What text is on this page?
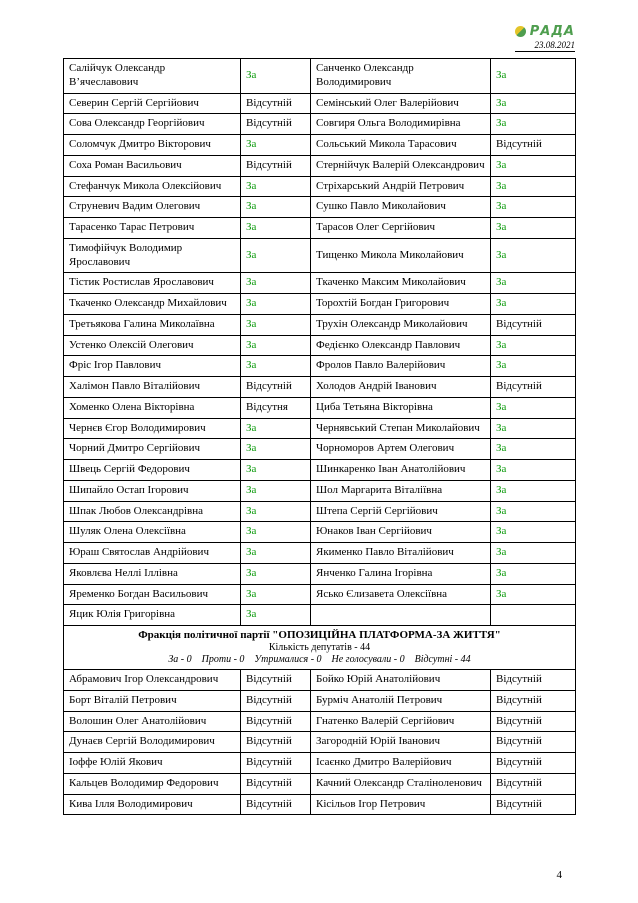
РАДА
23.08.2021
Салійчук Олександр В’ячеславович	За	Санченко Олександр Володимирович	За
Северин Сергій Сергійович	Відсутній	Семінський Олег Валерійович	За
Сова Олександр Георгійович	Відсутній	Совгиря Ольга Володимирівна	За
Соломчук Дмитро Вікторович	За	Сольський Микола Тарасович	Відсутній
Соха Роман Васильович	Відсутній	Стернійчук Валерій Олександрович	За
Стефанчук Микола Олексійович	За	Стріхарський Андрій Петрович	За
Струневич Вадим Олегович	За	Сушко Павло Миколайович	За
Тарасенко Тарас Петрович	За	Тарасов Олег Сергійович	За
Тимофійчук Володимир Ярославович	За	Тищенко Микола Миколайович	За
Тістик Ростислав Ярославович	За	Ткаченко Максим Миколайович	За
Ткаченко Олександр Михайлович	За	Торохтій Богдан Григорович	За
Третьякова Галина Миколаївна	За	Трухін Олександр Миколайович	Відсутній
Устенко Олексій Олегович	За	Федієнко Олександр Павлович	За
Фріс Ігор Павлович	За	Фролов Павло Валерійович	За
Халімон Павло Віталійович	Відсутній	Холодов Андрій Іванович	Відсутній
Хоменко Олена Вікторівна	Відсутня	Циба Тетьяна Вікторівна	За
Чернєв Єгор Володимирович	За	Чернявський Степан Миколайович	За
Чорний Дмитро Сергійович	За	Чорноморов Артем Олегович	За
Швець Сергій Федорович	За	Шинкаренко Іван Анатолійович	За
Шипайло Остап Ігорович	За	Шол Маргарита Віталіївна	За
Шпак Любов Олександрівна	За	Штепа Сергій Сергійович	За
Шуляк Олена Олексіївна	За	Юнаков Іван Сергійович	За
Юраш Святослав Андрійович	За	Якименко Павло Віталійович	За
Яковлєва Неллі Іллівна	За	Янченко Галина Ігорівна	За
Яременко Богдан Васильович	За	Ясько Єлизавета Олексіївна	За
Яцик Юлія Григорівна	За		

Фракція політичної партії "ОПОЗИЦІЙНА ПЛАТФОРМА-ЗА ЖИТТЯ"
Кількість депутатів - 44
За - 0    Проти - 0    Утрималися - 0    Не голосували - 0    Відсутні - 44			

Абрамович Ігор Олександрович	Відсутній	Бойко Юрій Анатолійович	Відсутній
Борт Віталій Петрович	Відсутній	Бурміч Анатолій Петрович	Відсутній
Волошин Олег Анатолійович	Відсутній	Гнатенко Валерій Сергійович	Відсутній
Дунаєв Сергій Володимирович	Відсутній	Загородній Юрій Іванович	Відсутній
Іоффе Юлій Якович	Відсутній	Ісаєнко Дмитро Валерійович	Відсутній
Кальцев Володимир Федорович	Відсутній	Качний Олександр Сталіноленович	Відсутній
Кива Ілля Володимирович	Відсутній	Кісільов Ігор Петрович	Відсутній
4
